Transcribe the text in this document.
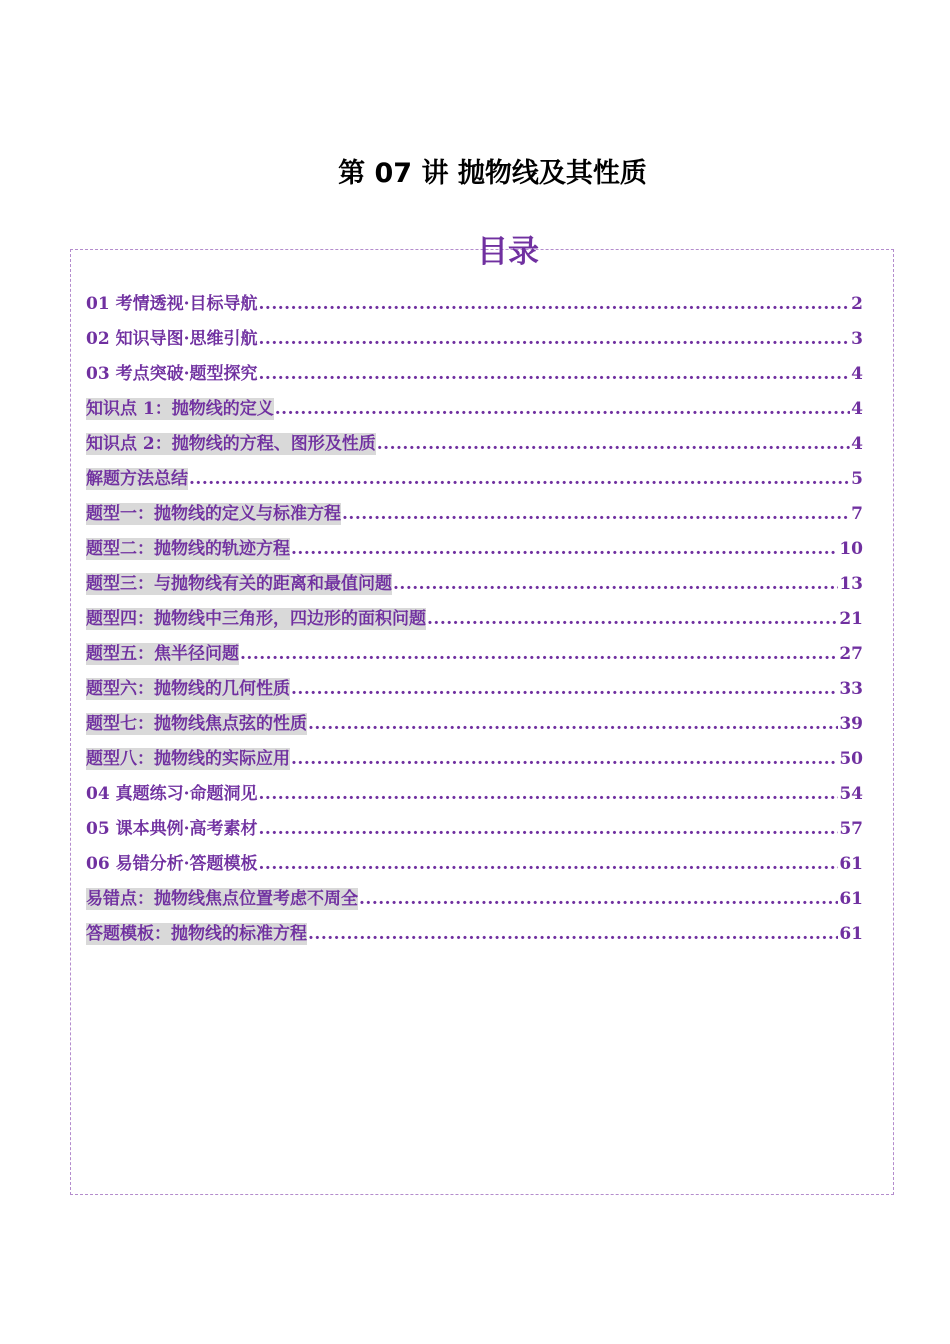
第 07 讲 抛物线及其性质
目录
01 考情透视·目标导航 .....	2
02 知识导图·思维引航 .....	3
03 考点突破·题型探究 .....	4
知识点 1：抛物线的定义 .....	4
知识点 2：抛物线的方程、图形及性质 .....	4
解题方法总结 .....	5
题型一：抛物线的定义与标准方程 .....	7
题型二：抛物线的轨迹方程 .....	10
题型三：与抛物线有关的距离和最值问题 .....	13
题型四：抛物线中三角形，四边形的面积问题 .....	21
题型五：焦半径问题 .....	27
题型六：抛物线的几何性质 .....	33
题型七：抛物线焦点弦的性质 .....	39
题型八：抛物线的实际应用 .....	50
04 真题练习·命题洞见 .....	54
05 课本典例·高考素材 .....	57
06 易错分析·答题模板 .....	61
易错点：抛物线焦点位置考虑不周全 .....	61
答题模板：抛物线的标准方程 .....	61
